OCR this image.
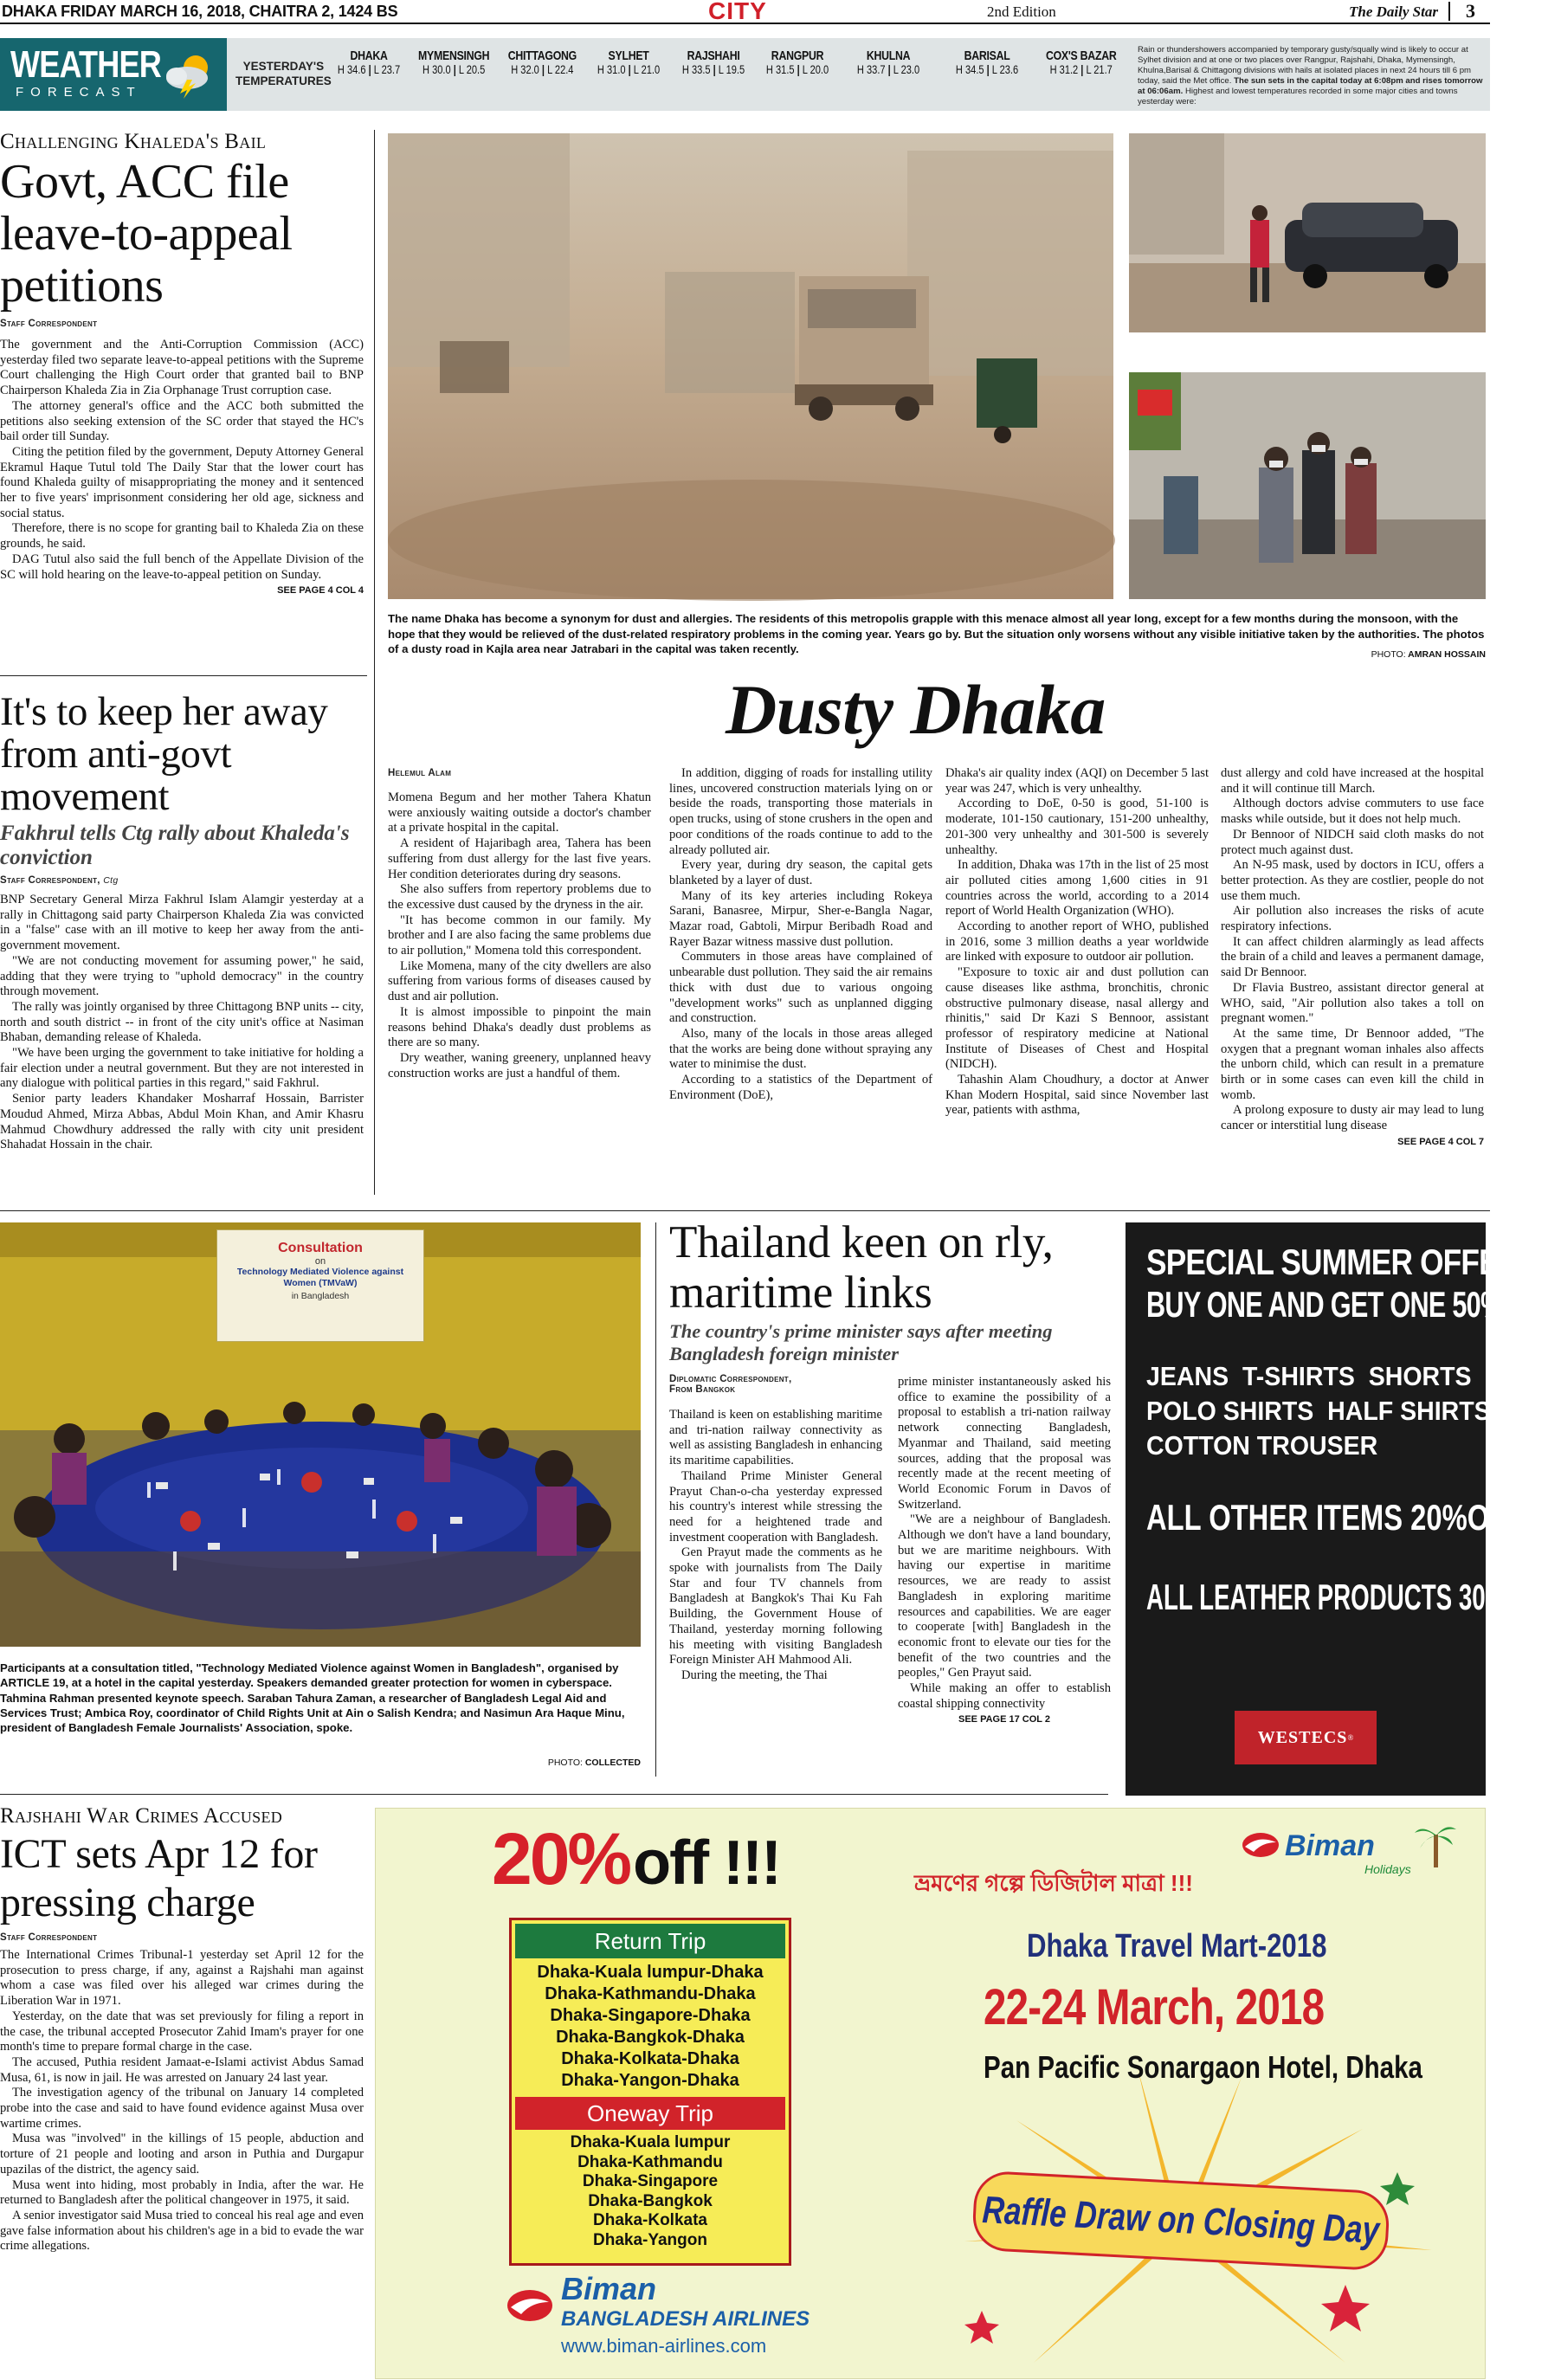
DHAKA FRIDAY MARCH 16, 2018, CHAITRA 2, 1424 BS	CITY	2nd Edition	The Daily Star 3
WEATHER
FORECAST
YESTERDAY'S
TEMPERATURES
DHAKA
H 34.6 | L 23.7
MYMENSINGH
H 30.0 | L 20.5
CHITTAGONG
H 32.0 | L 22.4
SYLHET
H 31.0 | L 21.0
RAJSHAHI
H 33.5 | L 19.5
RANGPUR
H 31.5 | L 20.0
KHULNA
H 33.7 | L 23.0
BARISAL
H 34.5 | L 23.6
COX'S BAZAR
H 31.2 | L 21.7
Rain or thundershowers accompanied by temporary gusty/squally wind is likely to occur at Sylhet division and at one or two places over Rangpur, Rajshahi, Dhaka, Mymensingh, Khulna,Barisal & Chittagong divisions with hails at isolated places in next 24 hours till 6 pm today, said the Met office. The sun sets in the capital today at 6:08pm and rises tomorrow at 06:06am. Highest and lowest temperatures recorded in some major cities and towns yesterday were:
Challenging Khaleda's Bail
Govt, ACC file leave-to-appeal petitions
Staff Correspondent

The government and the Anti-Corruption Commission (ACC) yesterday filed two separate leave-to-appeal petitions with the Supreme Court challenging the High Court order that granted bail to BNP Chairperson Khaleda Zia in Zia Orphanage Trust corruption case.

The attorney general's office and the ACC both submitted the petitions also seeking extension of the SC order that stayed the HC's bail order till Sunday.

Citing the petition filed by the government, Deputy Attorney General Ekramul Haque Tutul told The Daily Star that the lower court has found Khaleda guilty of misappropriating the money and it sentenced her to five years' imprisonment considering her old age, sickness and social status.

Therefore, there is no scope for granting bail to Khaleda Zia on these grounds, he said.

DAG Tutul also said the full bench of the Appellate Division of the SC will hold hearing on the leave-to-appeal petition on Sunday.

SEE PAGE 4 COL 4
It's to keep her away from anti-govt movement
Fakhrul tells Ctg rally about Khaleda's conviction
Staff Correspondent, Ctg

BNP Secretary General Mirza Fakhrul Islam Alamgir yesterday at a rally in Chittagong said party Chairperson Khaleda Zia was convicted in a "false" case with an ill motive to keep her away from the anti-government movement.

"We are not conducting movement for assuming power," he said, adding that they were trying to "uphold democracy" in the country through movement.

The rally was jointly organised by three Chittagong BNP units -- city, north and south district -- in front of the city unit's office at Nasiman Bhaban, demanding release of Khaleda.

"We have been urging the government to take initiative for holding a fair election under a neutral government. But they are not interested in any dialogue with political parties in this regard," said Fakhrul.

Senior party leaders Khandaker Mosharraf Hossain, Barrister Moudud Ahmed, Mirza Abbas, Abdul Moin Khan, and Amir Khasru Mahmud Chowdhury addressed the rally with city unit president Shahadat Hossain in the chair.

The name Dhaka has become a synonym for dust and allergies. The residents of this metropolis grapple with this menace almost all year long, except for a few months during the monsoon, with the hope that they would be relieved of the dust-related respiratory problems in the coming year. Years go by. But the situation only worsens without any visible initiative taken by the authorities. The photos of a dusty road in Kajla area near Jatrabari in the capital was taken recently.	PHOTO: AMRAN HOSSAIN
Dusty Dhaka
Helemul Alam

Momena Begum and her mother Tahera Khatun were anxiously waiting outside a doctor's chamber at a private hospital in the capital.

A resident of Hajaribagh area, Tahera has been suffering from dust allergy for the last five years. Her condition deteriorates during dry seasons.

She also suffers from repertory problems due to the excessive dust caused by the dryness in the air.

"It has become common in our family. My brother and I are also facing the same problems due to air pollution," Momena told this correspondent.

Like Momena, many of the city dwellers are also suffering from various forms of diseases caused by dust and air pollution.

It is almost impossible to pinpoint the main reasons behind Dhaka's deadly dust problems as there are so many.

Dry weather, waning greenery, unplanned heavy construction works are just a handful of them.

In addition, digging of roads for installing utility lines, uncovered construction materials lying on or beside the roads, transporting those materials in open trucks, using of stone crushers in the open and poor conditions of the roads continue to add to the already polluted air.

Every year, during dry season, the capital gets blanketed by a layer of dust.

Many of its key arteries including Rokeya Sarani, Banasree, Mirpur, Sher-e-Bangla Nagar, Mazar road, Gabtoli, Mirpur Beribadh Road and Rayer Bazar witness massive dust pollution.

Commuters in those areas have complained of unbearable dust pollution. They said the air remains thick with dust due to various ongoing "development works" such as unplanned digging and construction.

Also, many of the locals in those areas alleged that the works are being done without spraying any water to minimise the dust.

According to a statistics of the Department of Environment (DoE),

Dhaka's air quality index (AQI) on December 5 last year was 247, which is very unhealthy.

According to DoE, 0-50 is good, 51-100 is moderate, 101-150 cautionary, 151-200 unhealthy, 201-300 very unhealthy and 301-500 is severely unhealthy.

In addition, Dhaka was 17th in the list of 25 most air polluted cities among 1,600 cities in 91 countries across the world, according to a 2014 report of World Health Organization (WHO).

According to another report of WHO, published in 2016, some 3 million deaths a year worldwide are linked with exposure to outdoor air pollution.

"Exposure to toxic air and dust pollution can cause diseases like asthma, bronchitis, chronic obstructive pulmonary disease, nasal allergy and rhinitis," said Dr Kazi S Bennoor, assistant professor of respiratory medicine at National Institute of Diseases of Chest and Hospital (NIDCH).

Tahashin Alam Choudhury, a doctor at Anwer Khan Modern Hospital, said since November last year, patients with asthma,

dust allergy and cold have increased at the hospital and it will continue till March.

Although doctors advise commuters to use face masks while outside, but it does not help much.

Dr Bennoor of NIDCH said cloth masks do not protect much against dust.

An N-95 mask, used by doctors in ICU, offers a better protection. As they are costlier, people do not use them much.

Air pollution also increases the risks of acute respiratory infections.

It can affect children alarmingly as lead affects the brain of a child and leaves a permanent damage, said Dr Bennoor.

Dr Flavia Bustreo, assistant director general at WHO, said, "Air pollution also takes a toll on pregnant women."

At the same time, Dr Bennoor added, "The oxygen that a pregnant woman inhales also affects the unborn child, which can result in a premature birth or in some cases can even kill the child in womb.

A prolong exposure to dusty air may lead to lung cancer or interstitial lung disease

SEE PAGE 4 COL 7
Consultation
on
Technology Mediated Violence against Women (TMVaW)
in Bangladesh
Participants at a consultation titled, "Technology Mediated Violence against Women in Bangladesh", organised by ARTICLE 19, at a hotel in the capital yesterday. Speakers demanded greater protection for women in cyberspace. Tahmina Rahman presented keynote speech. Saraban Tahura Zaman, a researcher of Bangladesh Legal Aid and Services Trust; Ambica Roy, coordinator of Child Rights Unit at Ain o Salish Kendra; and Nasimun Ara Haque Minu, president of Bangladesh Female Journalists' Association, spoke.
PHOTO: COLLECTED
Thailand keen on rly, maritime links
The country's prime minister says after meeting Bangladesh foreign minister
Diplomatic Correspondent,
From Bangkok

Thailand is keen on establishing maritime and tri-nation railway connectivity as well as assisting Bangladesh in enhancing its maritime capabilities.

Thailand Prime Minister General Prayut Chan-o-cha yesterday expressed his country's interest while stressing the need for a heightened trade and investment cooperation with Bangladesh.

Gen Prayut made the comments as he spoke with journalists from The Daily Star and four TV channels from Bangladesh at Bangkok's Thai Ku Fah Building, the Government House of Thailand, yesterday morning following his meeting with visiting Bangladesh Foreign Minister AH Mahmood Ali.

During the meeting, the Thai

prime minister instantaneously asked his office to examine the possibility of a proposal to establish a tri-nation railway network connecting Bangladesh, Myanmar and Thailand, said meeting sources, adding that the proposal was recently made at the recent meeting of World Economic Forum in Davos of Switzerland.

"We are a neighbour of Bangladesh. Although we don't have a land boundary, but we are maritime neighbours. With having our expertise in maritime resources, we are ready to assist Bangladesh in exploring maritime resources and capabilities. We are eager to cooperate [with] Bangladesh in the economic front to elevate our ties for the benefit of the two countries and the peoples," Gen Prayut said.

While making an offer to establish coastal shipping connectivity

SEE PAGE 17 COL 2
SPECIAL SUMMER OFFER
BUY ONE AND GET ONE 50% OFF
JEANS  T-SHIRTS  SHORTS
POLO SHIRTS  HALF SHIRTS
COTTON TROUSER
ALL OTHER ITEMS 20%OFF
ALL LEATHER PRODUCTS 30%OFF
WESTECS ®
Rajshahi War Crimes Accused
ICT sets Apr 12 for pressing charge
Staff Correspondent

The International Crimes Tribunal-1 yesterday set April 12 for the prosecution to press charge, if any, against a Rajshahi man against whom a case was filed over his alleged war crimes during the Liberation War in 1971.

Yesterday, on the date that was set previously for filing a report in the case, the tribunal accepted Prosecutor Zahid Imam's prayer for one month's time to prepare formal charge in the case.

The accused, Puthia resident Jamaat-e-Islami activist Abdus Samad Musa, 61, is now in jail. He was arrested on January 24 last year.

The investigation agency of the tribunal on January 14 completed probe into the case and said to have found evidence against Musa over wartime crimes.

Musa was "involved" in the killings of 15 people, abduction and torture of 21 people and looting and arson in Puthia and Durgapur upazilas of the district, the agency said.

Musa went into hiding, most probably in India, after the war. He returned to Bangladesh after the political changeover in 1975, it said.

A senior investigator said Musa tried to conceal his real age and even gave false information about his children's age in a bid to evade the war crime allegations.

20% off !!!
Return Trip
Dhaka-Kuala lumpur-Dhaka
Dhaka-Kathmandu-Dhaka
Dhaka-Singapore-Dhaka
Dhaka-Bangkok-Dhaka
Dhaka-Kolkata-Dhaka
Dhaka-Yangon-Dhaka
Oneway Trip
Dhaka-Kuala lumpur
Dhaka-Kathmandu
Dhaka-Singapore
Dhaka-Bangkok
Dhaka-Kolkata
Dhaka-Yangon
Biman
BANGLADESH AIRLINES
www.biman-airlines.com
Biman
Holidays
ভ্রমণের গল্পে ডিজিটাল মাত্রা !!!
Dhaka Travel Mart-2018
22-24 March, 2018
Pan Pacific Sonargaon Hotel, Dhaka
Raffle Draw on Closing Day
